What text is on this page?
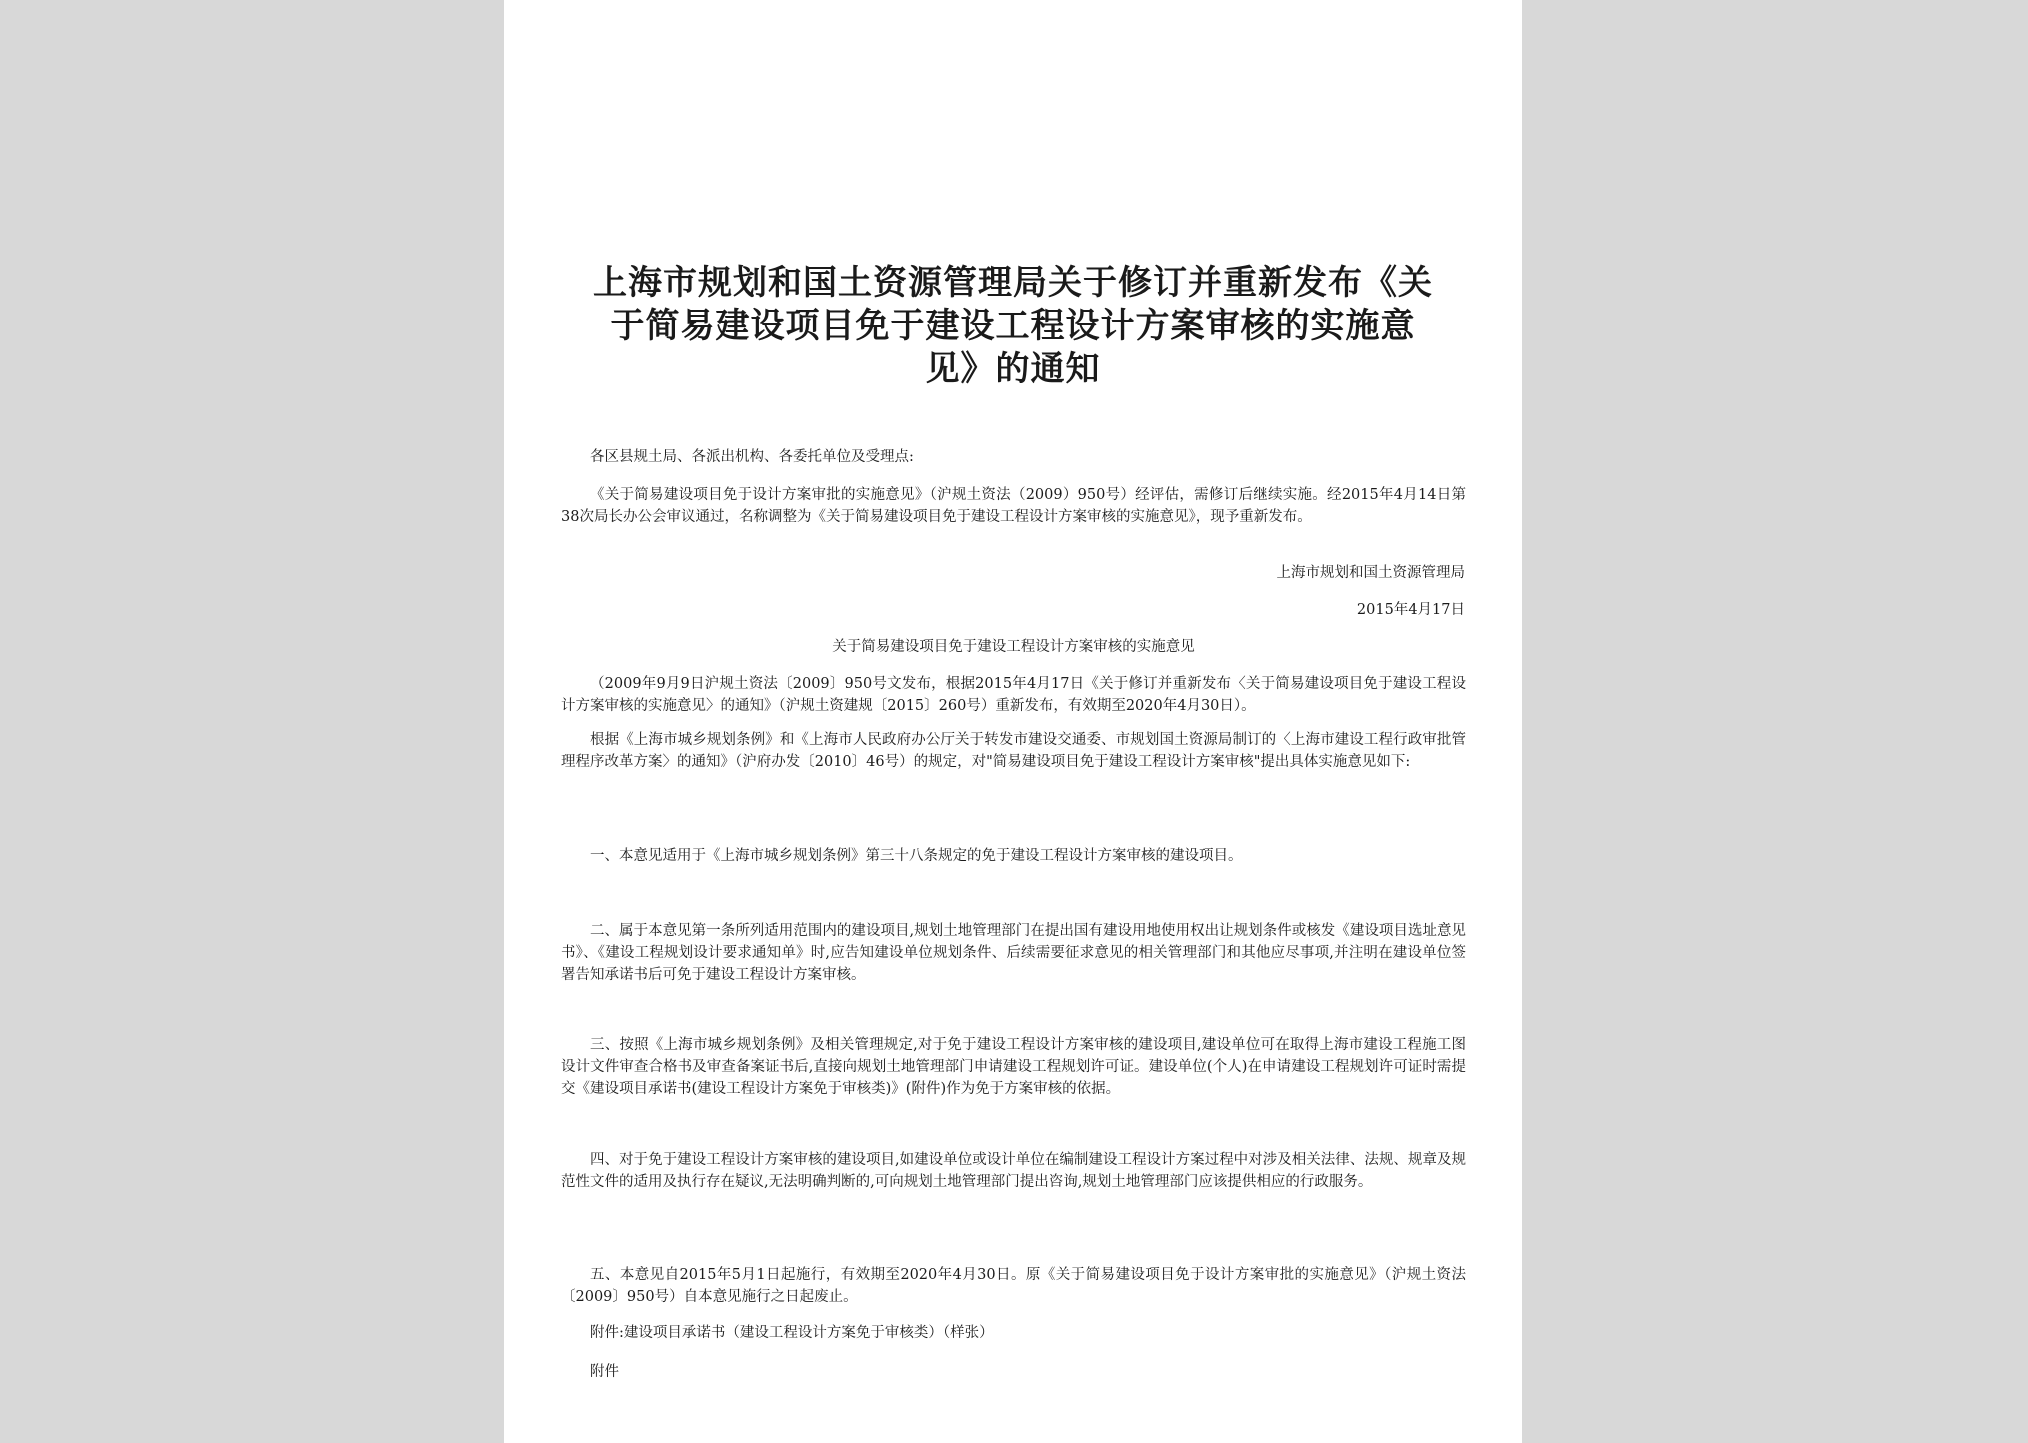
上海市规划和国土资源管理局关于修订并重新发布《关
于简易建设项目免于建设工程设计方案审核的实施意
见》的通知
各区县规土局、各派出机构、各委托单位及受理点:
《关于简易建设项目免于设计方案审批的实施意见》（沪规土资法（2009）950号）经评估，需修订后继续实施。经2015年4月14日第38次局长办公会审议通过，名称调整为《关于简易建设项目免于建设工程设计方案审核的实施意见》，现予重新发布。
上海市规划和国土资源管理局
2015年4月17日
关于简易建设项目免于建设工程设计方案审核的实施意见
（2009年9月9日沪规土资法〔2009〕950号文发布，根据2015年4月17日《关于修订并重新发布〈关于简易建设项目免于建设工程设计方案审核的实施意见〉的通知》（沪规土资建规〔2015〕260号）重新发布，有效期至2020年4月30日）。
根据《上海市城乡规划条例》和《上海市人民政府办公厅关于转发市建设交通委、市规划国土资源局制订的〈上海市建设工程行政审批管理程序改革方案〉的通知》（沪府办发〔2010〕46号）的规定，对"简易建设项目免于建设工程设计方案审核"提出具体实施意见如下:
一、本意见适用于《上海市城乡规划条例》第三十八条规定的免于建设工程设计方案审核的建设项目。
二、属于本意见第一条所列适用范围内的建设项目,规划土地管理部门在提出国有建设用地使用权出让规划条件或核发《建设项目选址意见书》、《建设工程规划设计要求通知单》时,应告知建设单位规划条件、后续需要征求意见的相关管理部门和其他应尽事项,并注明在建设单位签署告知承诺书后可免于建设工程设计方案审核。
三、按照《上海市城乡规划条例》及相关管理规定,对于免于建设工程设计方案审核的建设项目,建设单位可在取得上海市建设工程施工图设计文件审查合格书及审查备案证书后,直接向规划土地管理部门申请建设工程规划许可证。建设单位(个人)在申请建设工程规划许可证时需提交《建设项目承诺书(建设工程设计方案免于审核类)》(附件)作为免于方案审核的依据。
四、对于免于建设工程设计方案审核的建设项目,如建设单位或设计单位在编制建设工程设计方案过程中对涉及相关法律、法规、规章及规范性文件的适用及执行存在疑议,无法明确判断的,可向规划土地管理部门提出咨询,规划土地管理部门应该提供相应的行政服务。
五、本意见自2015年5月1日起施行，有效期至2020年4月30日。原《关于简易建设项目免于设计方案审批的实施意见》（沪规土资法〔2009〕950号）自本意见施行之日起废止。
附件:建设项目承诺书（建设工程设计方案免于审核类）（样张）
附件
